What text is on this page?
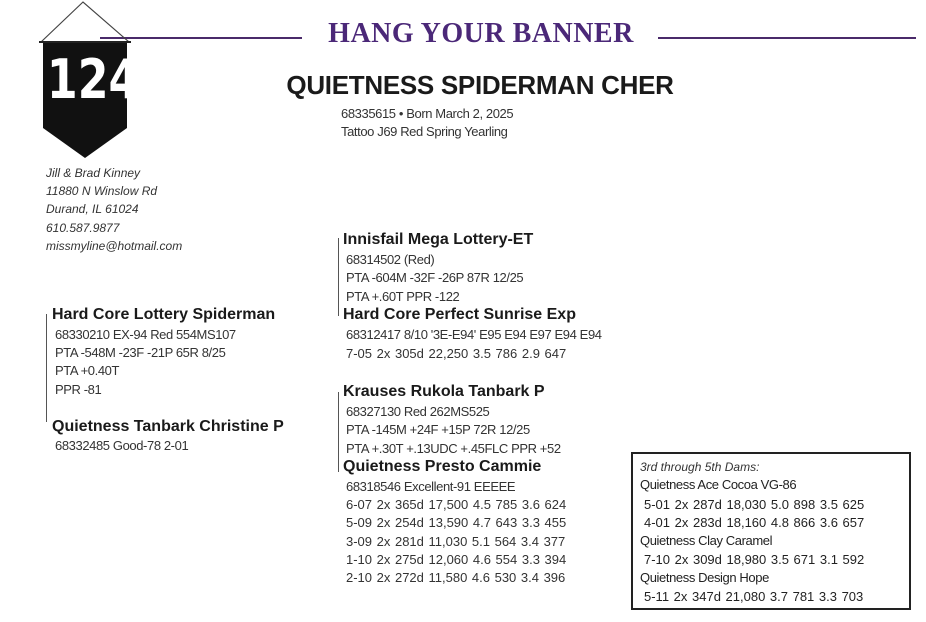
HANG YOUR BANNER
124	QUIETNESS SPIDERMAN CHER
68335615 • Born March 2, 2025
Tattoo J69 Red Spring Yearling
Jill & Brad Kinney
11880 N Winslow Rd
Durand, IL 61024
610.587.9877
missmyline@hotmail.com
Hard Core Lottery Spiderman
68330210 EX-94 Red 554MS107
PTA -548M -23F -21P 65R 8/25
PTA +0.40T
PPR -81
Quietness Tanbark Christine P
68332485 Good-78 2-01
Innisfail Mega Lottery-ET
68314502 (Red)
PTA -604M -32F -26P 87R 12/25
PTA +.60T PPR -122
Hard Core Perfect Sunrise Exp
68312417 8/10 '3E-E94' E95 E94 E97 E94 E94
7-05 2x 305d 22,250 3.5 786 2.9 647
Krauses Rukola Tanbark P
68327130 Red 262MS525
PTA -145M +24F +15P 72R 12/25
PTA +.30T +.13UDC +.45FLC PPR +52
Quietness Presto Cammie
68318546 Excellent-91 EEEEE
6-07 2x 365d 17,500 4.5 785 3.6 624
5-09 2x 254d 13,590 4.7 643 3.3 455
3-09 2x 281d 11,030 5.1 564 3.4 377
1-10 2x 275d 12,060 4.6 554 3.3 394
2-10 2x 272d 11,580 4.6 530 3.4 396
3rd through 5th Dams:
Quietness Ace Cocoa VG-86
5-01 2x 287d 18,030 5.0 898 3.5 625
4-01 2x 283d 18,160 4.8 866 3.6 657
Quietness Clay Caramel
7-10 2x 309d 18,980 3.5 671 3.1 592
Quietness Design Hope
5-11 2x 347d 21,080 3.7 781 3.3 703
